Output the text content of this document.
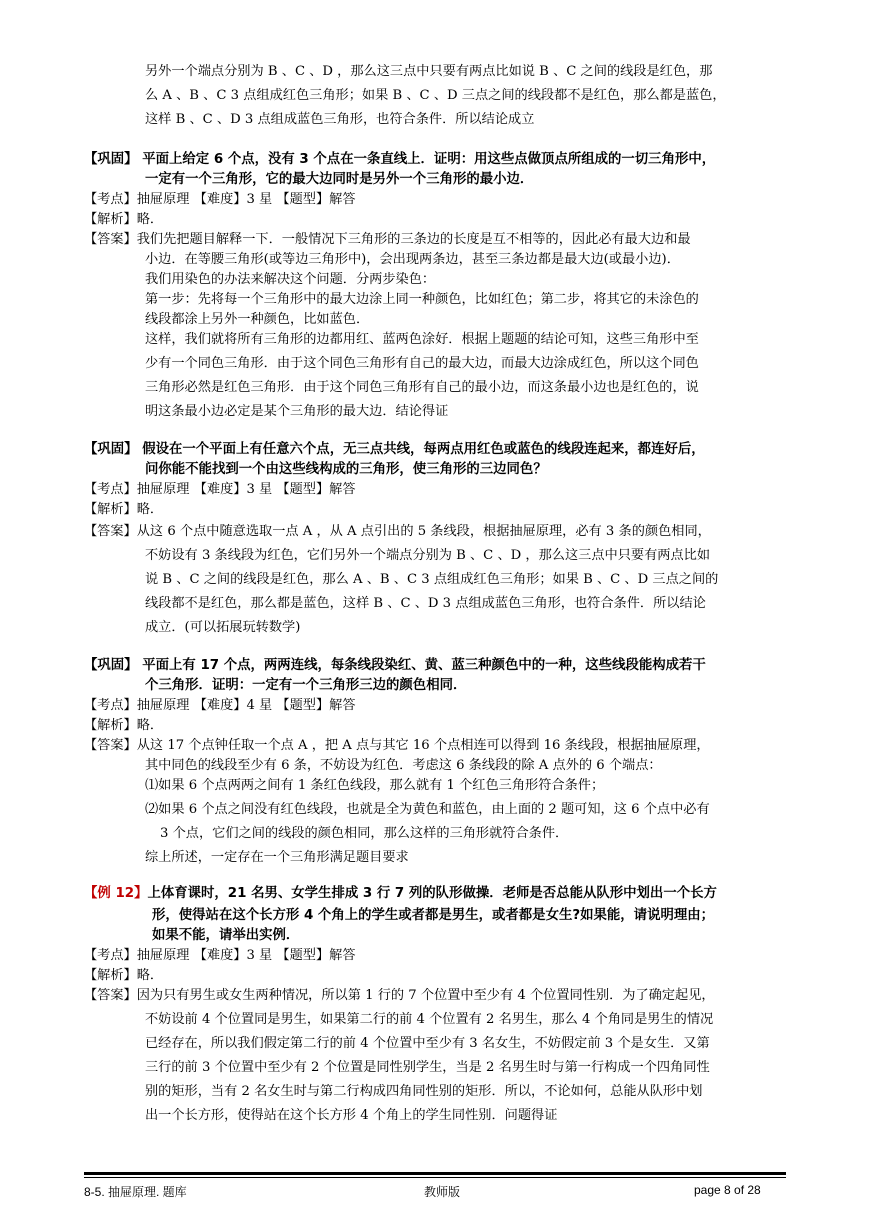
另外一个端点分别为 B 、C 、D ，那么这三点中只要有两点比如说 B 、C 之间的线段是红色，那
么 A 、B 、C 3 点组成红色三角形；如果 B 、C 、D 三点之间的线段都不是红色，那么都是蓝色，
这样 B 、C 、D 3 点组成蓝色三角形，也符合条件．所以结论成立
【巩固】 平面上给定 6 个点，没有 3 个点在一条直线上．证明：用这些点做顶点所组成的一切三角形中，
一定有一个三角形，它的最大边同时是另外一个三角形的最小边．
【考点】抽屉原理 【难度】3 星 【题型】解答
【解析】略．
【答案】我们先把题目解释一下．一般情况下三角形的三条边的长度是互不相等的，因此必有最大边和最
小边．在等腰三角形(或等边三角形中)，会出现两条边，甚至三条边都是最大边(或最小边)．
我们用染色的办法来解决这个问题．分两步染色：
第一步：先将每一个三角形中的最大边涂上同一种颜色，比如红色；第二步，将其它的未涂色的
线段都涂上另外一种颜色，比如蓝色．
这样，我们就将所有三角形的边都用红、蓝两色涂好．根据上题题的结论可知，这些三角形中至
少有一个同色三角形．由于这个同色三角形有自己的最大边，而最大边涂成红色，所以这个同色
三角形必然是红色三角形．由于这个同色三角形有自己的最小边，而这条最小边也是红色的，说
明这条最小边必定是某个三角形的最大边．结论得证
【巩固】 假设在一个平面上有任意六个点，无三点共线，每两点用红色或蓝色的线段连起来，都连好后，
问你能不能找到一个由这些线构成的三角形，使三角形的三边同色？
【考点】抽屉原理 【难度】3 星 【题型】解答
【解析】略．
【答案】从这 6 个点中随意选取一点 A ，从 A 点引出的 5 条线段，根据抽屉原理，必有 3 条的颜色相同，
不妨设有 3 条线段为红色，它们另外一个端点分别为 B 、C 、D ，那么这三点中只要有两点比如
说 B 、C 之间的线段是红色，那么 A 、B 、C 3 点组成红色三角形；如果 B 、C 、D 三点之间的
线段都不是红色，那么都是蓝色，这样 B 、C 、D 3 点组成蓝色三角形，也符合条件．所以结论
成立．(可以拓展玩转数学)
【巩固】 平面上有 17 个点，两两连线，每条线段染红、黄、蓝三种颜色中的一种，这些线段能构成若干
个三角形．证明：一定有一个三角形三边的颜色相同．
【考点】抽屉原理 【难度】4 星 【题型】解答
【解析】略．
【答案】从这 17 个点钟任取一个点 A ，把 A 点与其它 16 个点相连可以得到 16 条线段，根据抽屉原理，
其中同色的线段至少有 6 条，不妨设为红色．考虑这 6 条线段的除 A 点外的 6 个端点：
⑴如果 6 个点两两之间有 1 条红色线段，那么就有 1 个红色三角形符合条件；
⑵如果 6 个点之间没有红色线段，也就是全为黄色和蓝色，由上面的 2 题可知，这 6 个点中必有
3 个点，它们之间的线段的颜色相同，那么这样的三角形就符合条件．
综上所述，一定存在一个三角形满足题目要求
【例 12】上体育课时，21 名男、女学生排成 3 行 7 列的队形做操．老师是否总能从队形中划出一个长方
形，使得站在这个长方形 4 个角上的学生或者都是男生，或者都是女生?如果能，请说明理由；
如果不能，请举出实例．
【考点】抽屉原理 【难度】3 星 【题型】解答
【解析】略．
【答案】因为只有男生或女生两种情况，所以第 1 行的 7 个位置中至少有 4 个位置同性别．为了确定起见，
不妨设前 4 个位置同是男生，如果第二行的前 4 个位置有 2 名男生，那么 4 个角同是男生的情况
已经存在，所以我们假定第二行的前 4 个位置中至少有 3 名女生，不妨假定前 3 个是女生．又第
三行的前 3 个位置中至少有 2 个位置是同性别学生，当是 2 名男生时与第一行构成一个四角同性
别的矩形，当有 2 名女生时与第二行构成四角同性别的矩形．所以，不论如何，总能从队形中划
出一个长方形，使得站在这个长方形 4 个角上的学生同性别．问题得证
8-5. 抽屉原理. 题库	教师版	page 8 of 28
